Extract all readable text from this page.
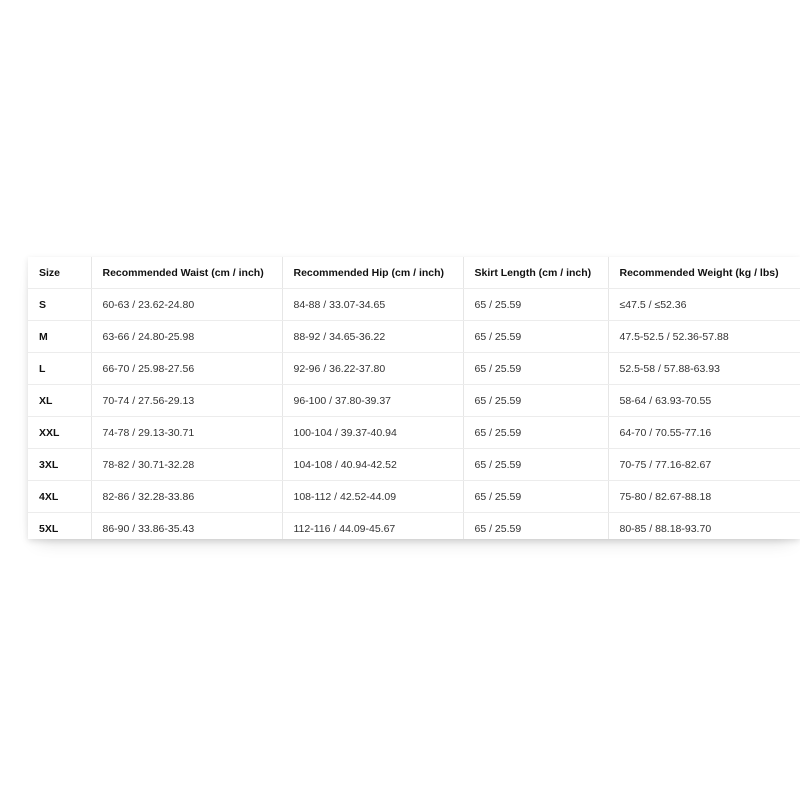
Size	Recommended Waist (cm / inch)	Recommended Hip (cm / inch)	Skirt Length (cm / inch)	Recommended Weight (kg / lbs)
S	60-63 / 23.62-24.80	84-88 / 33.07-34.65	65 / 25.59	≤47.5 / ≤52.36
M	63-66 / 24.80-25.98	88-92 / 34.65-36.22	65 / 25.59	47.5-52.5 / 52.36-57.88
L	66-70 / 25.98-27.56	92-96 / 36.22-37.80	65 / 25.59	52.5-58 / 57.88-63.93
XL	70-74 / 27.56-29.13	96-100 / 37.80-39.37	65 / 25.59	58-64 / 63.93-70.55
XXL	74-78 / 29.13-30.71	100-104 / 39.37-40.94	65 / 25.59	64-70 / 70.55-77.16
3XL	78-82 / 30.71-32.28	104-108 / 40.94-42.52	65 / 25.59	70-75 / 77.16-82.67
4XL	82-86 / 32.28-33.86	108-112 / 42.52-44.09	65 / 25.59	75-80 / 82.67-88.18
5XL	86-90 / 33.86-35.43	112-116 / 44.09-45.67	65 / 25.59	80-85 / 88.18-93.70
